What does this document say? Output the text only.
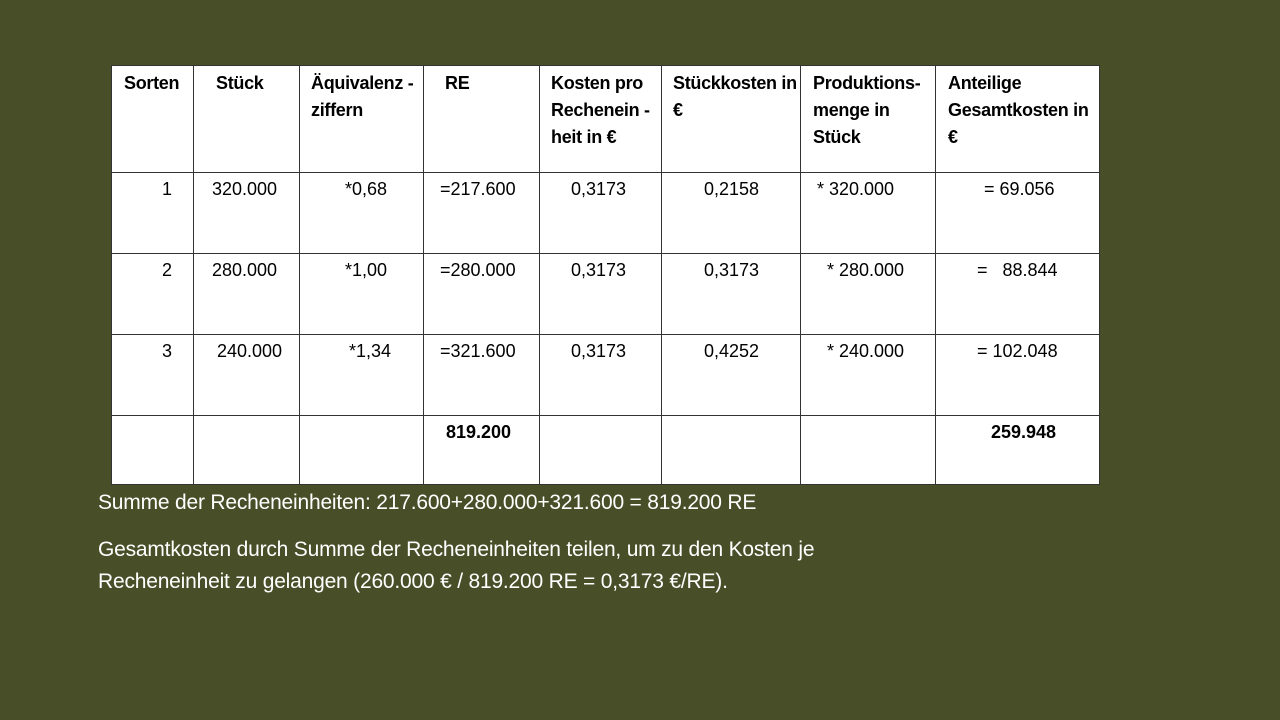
Sorten	Stück	Äquivalenz -ziffern	RE	Kosten pro Rechenein -heit in €	Stückkosten in €	Produktions- menge in Stück	Anteilige Gesamtkosten in €
1	320.000	*0,68	=217.600	0,3173	0,2158	* 320.000	= 69.056
2	280.000	*1,00	=280.000	0,3173	0,3173	* 280.000	=   88.844
3	240.000	*1,34	=321.600	0,3173	0,4252	* 240.000	= 102.048
			819.200				259.948
Summe der Recheneinheiten: 217.600+280.000+321.600 = 819.200 RE
Gesamtkosten durch Summe der Recheneinheiten teilen, um zu den Kosten je
Recheneinheit zu gelangen (260.000 € / 819.200 RE = 0,3173 €/RE).
